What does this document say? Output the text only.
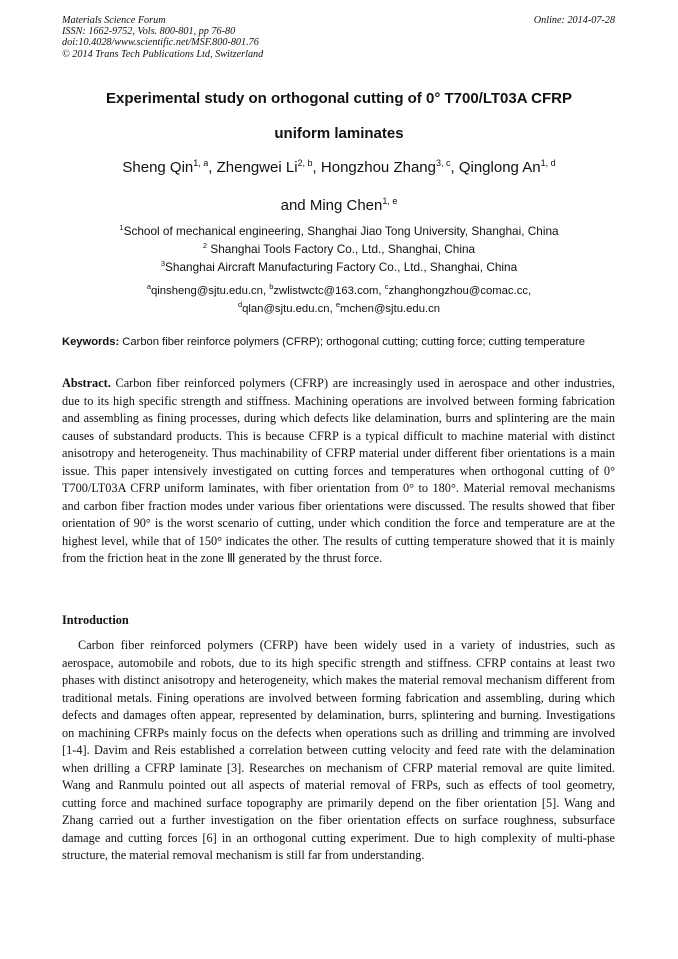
Materials Science Forum
ISSN: 1662-9752, Vols. 800-801, pp 76-80
doi:10.4028/www.scientific.net/MSF.800-801.76
© 2014 Trans Tech Publications Ltd, Switzerland
Online: 2014-07-28
Experimental study on orthogonal cutting of 0° T700/LT03A CFRP
uniform laminates
Sheng Qin$^{1, a}$, Zhengwei Li$^{2, b}$, Hongzhou Zhang$^{3, c}$, Qinglong An$^{1, d}$
and Ming Chen$^{1, e}$
$^1$School of mechanical engineering, Shanghai Jiao Tong University, Shanghai, China
$^2$ Shanghai Tools Factory Co., Ltd., Shanghai, China
$^3$Shanghai Aircraft Manufacturing Factory Co., Ltd., Shanghai, China
$^a$qinsheng@sjtu.edu.cn, $^b$zwlistwctc@163.com, $^c$zhanghongzhou@comac.cc,
$^d$qlan@sjtu.edu.cn, $^e$mchen@sjtu.edu.cn
Keywords: Carbon fiber reinforce polymers (CFRP); orthogonal cutting; cutting force; cutting temperature
Abstract. Carbon fiber reinforced polymers (CFRP) are increasingly used in aerospace and other industries, due to its high specific strength and stiffness. Machining operations are involved between forming fabrication and assembling as fining processes, during which defects like delamination, burrs and splintering are the main causes of substandard products. This is because CFRP is a typical difficult to machine material with distinct anisotropy and heterogeneity. Thus machinability of CFRP material under different fiber orientations is a main issue. This paper intensively investigated on cutting forces and temperatures when orthogonal cutting of 0° T700/LT03A CFRP uniform laminates, with fiber orientation from 0° to 180°. Material removal mechanisms and carbon fiber fraction modes under various fiber orientations were discussed. The results showed that fiber orientation of 90° is the worst scenario of cutting, under which condition the force and temperature are at the highest level, while that of 150° indicates the other. The results of cutting temperature showed that it is mainly from the friction heat in the zone Ⅲ generated by the thrust force.
Introduction
Carbon fiber reinforced polymers (CFRP) have been widely used in a variety of industries, such as aerospace, automobile and robots, due to its high specific strength and stiffness. CFRP contains at least two phases with distinct anisotropy and heterogeneity, which makes the material removal mechanism different from traditional metals. Fining operations are involved between forming fabrication and assembling, during which defects and damages often appear, represented by delamination, burrs, splintering and burning. Investigations on machining CFRPs mainly focus on the defects when operations such as drilling and trimming are involved [1-4]. Davim and Reis established a correlation between cutting velocity and feed rate with the delamination when drilling a CFRP laminate [3]. Researches on mechanism of CFRP material removal are quite limited. Wang and Ranmulu pointed out all aspects of material removal of FRPs, such as effects of tool geometry, cutting force and machined surface topography are primarily depend on the fiber orientation [5]. Wang and Zhang carried out a further investigation on the fiber orientation effects on surface roughness, subsurface damage and cutting forces [6] in an orthogonal cutting experiment. Due to high complexity of multi-phase structure, the material removal mechanism is still far from understanding.
